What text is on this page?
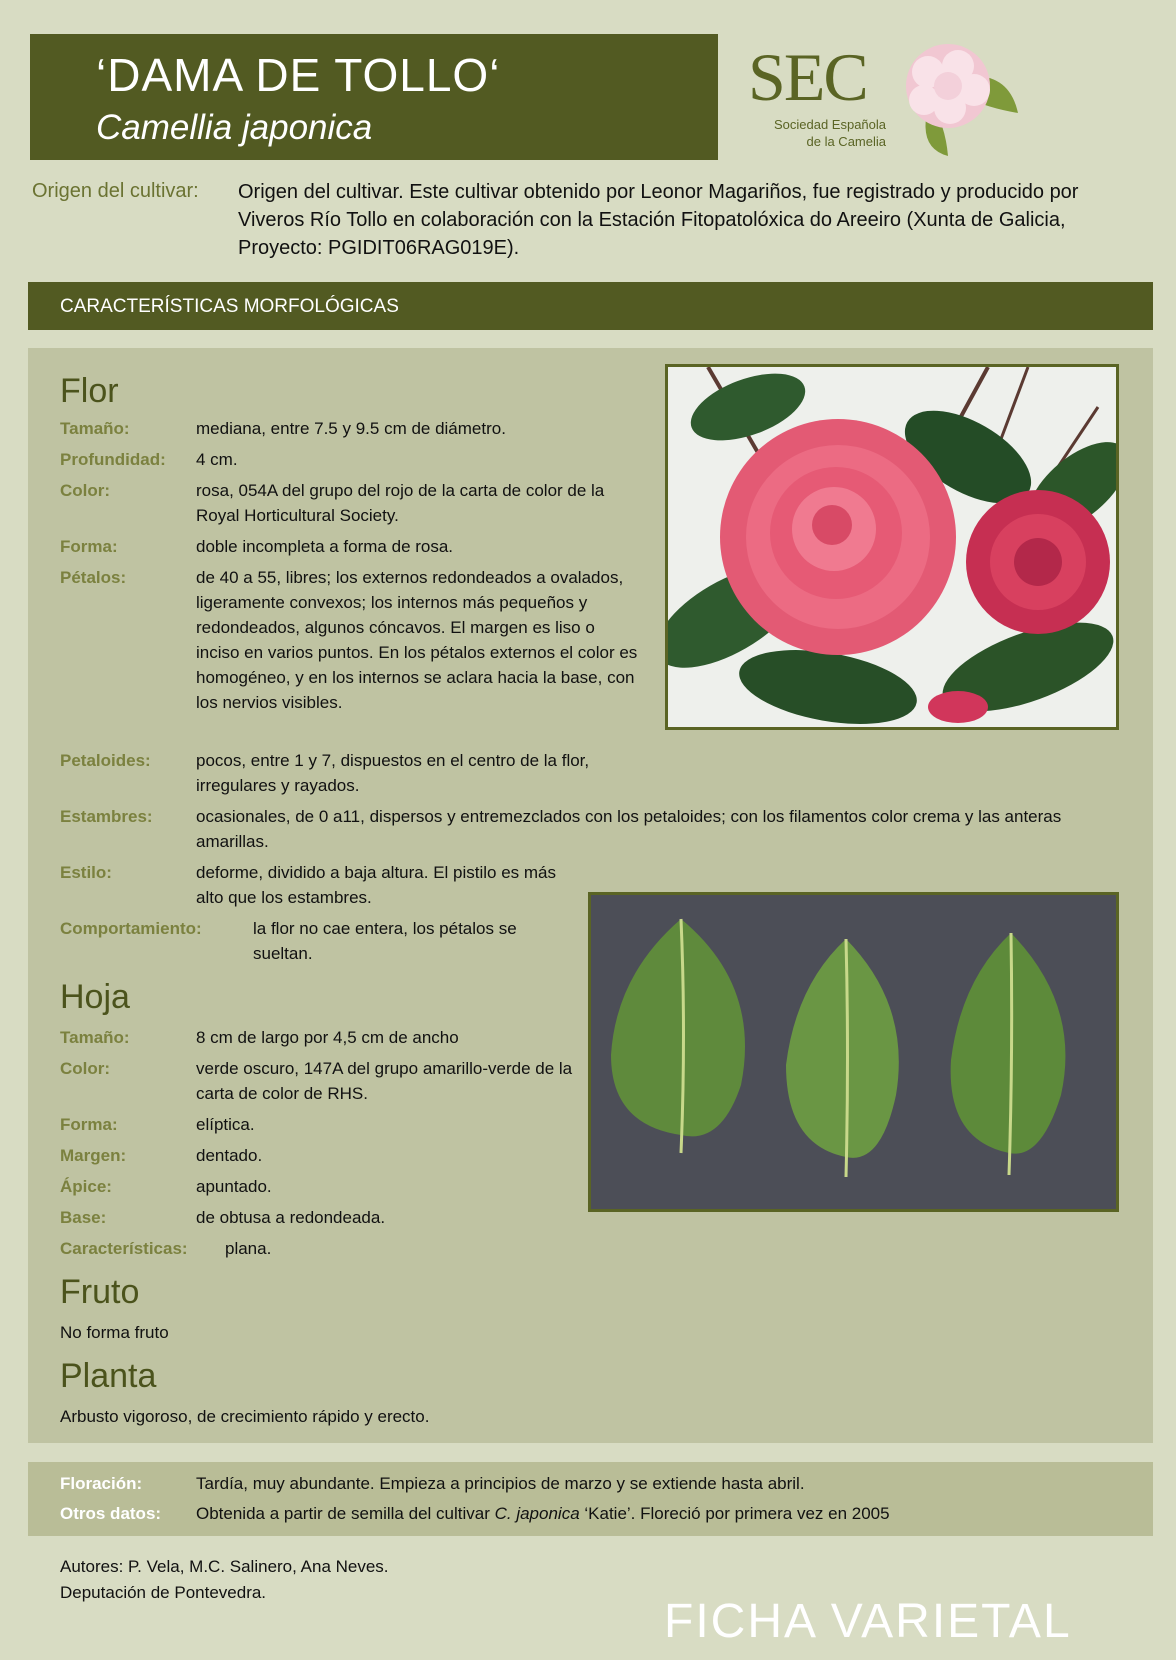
‘DAMA DE TOLLO‘
Camellia japonica
SEC
Sociedad Española
de la Camelia
Origen del cultivar: Origen del cultivar. Este cultivar obtenido por Leonor Magariños, fue registrado y producido por Viveros Río Tollo en colaboración con la Estación Fitopatolóxica do Areeiro (Xunta de Galicia, Proyecto: PGIDIT06RAG019E).
CARACTERÍSTICAS MORFOLÓGICAS
Flor
Tamaño:	mediana, entre 7.5 y 9.5 cm de diámetro.
Profundidad: 4 cm.
Color:	rosa, 054A del grupo del rojo de la carta de color de la Royal Horticultural Society.
Forma:	doble incompleta a forma de rosa.
Pétalos:	de 40 a 55, libres; los externos redondeados a ovalados, ligeramente convexos; los internos más pequeños y redondeados, algunos cóncavos. El margen es liso o inciso en varios puntos. En los pétalos externos el color es homogéneo, y en los internos se aclara hacia la base, con los nervios visibles.
Petaloides:	pocos, entre 1 y 7, dispuestos en el centro de la flor, irregulares y rayados.
Estambres:	ocasionales, de 0 a11, dispersos y entremezclados con los petaloides; con los filamentos color crema y las anteras amarillas.
Estilo:	deforme, dividido a baja altura. El pistilo es más alto que los estambres.
Comportamiento:	la flor no cae entera, los pétalos se sueltan.
Hoja
Tamaño:	8 cm de largo por 4,5 cm de ancho
Color:	verde oscuro, 147A del grupo amarillo-verde de la carta de color de RHS.
Forma:	elíptica.
Margen:	dentado.
Ápice:	apuntado.
Base:	de obtusa a redondeada.
Características: plana.
Fruto
No forma fruto
Planta
Arbusto vigoroso, de crecimiento rápido y erecto.
Floración:	Tardía, muy abundante. Empieza a principios de marzo y se extiende hasta abril.
Otros datos: Obtenida a partir de semilla del cultivar C. japonica ‘Katie’. Floreció por primera vez en 2005
Autores: P. Vela, M.C. Salinero, Ana Neves.
Deputación de Pontevedra.
FICHA VARIETAL
